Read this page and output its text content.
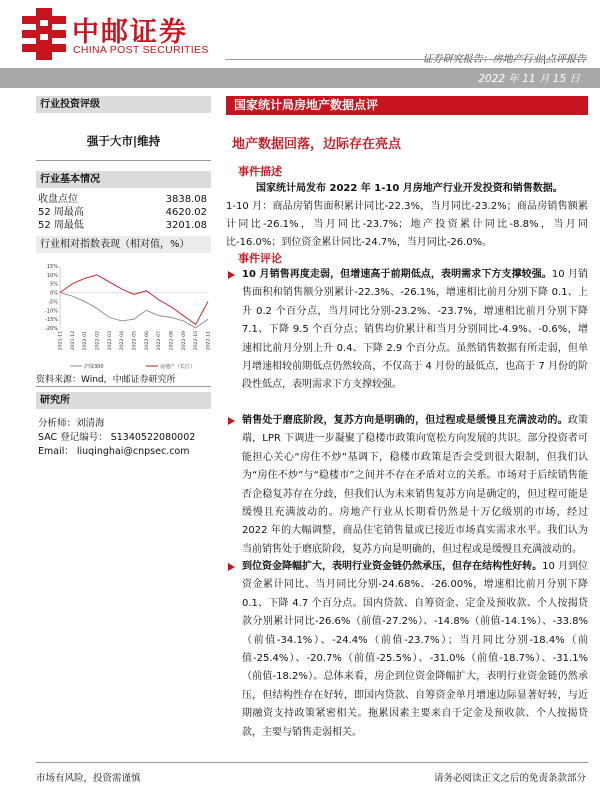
中邮证券
CHINA POST SECURITIES
2022 年 11 月 15 日
行业投资评级
强于大市|维持
行业基本情况
收盘点位	3838.08
52 周最高	4620.02
52 周最低	3201.08
行业相对指数表现（相对值，%）
15%
10%
5%
0%
-5%
-10%
-15%
-20%
2021-11 2021-12 2022-01 2022-02 2022-03 2022-04 2022-05 2022-06 2022-07 2022-08 2022-09 2022-10 2022-11
沪深300	房地产（长江）
资料来源：Wind，中邮证券研究所
研究所
分析师：刘清海
SAC 登记编号： S1340522080002
Email： liuqinghai@cnpsec.com
国家统计局房地产数据点评
地产数据回落，边际存在亮点
事件描述
国家统计局发布 2022 年 1-10 月房地产行业开发投资和销售数据。
1-10 月：商品房销售面积累计同比-22.3%，当月同比-23.2%；商品房销售额累计同比-26.1%，当月同比-23.7%；地产投资累计同比-8.8%，当月同比-16.0%；到位资金累计同比-24.7%，当月同比-26.0%。
事件评论
10 月销售再度走弱，但增速高于前期低点，表明需求下方支撑较强。10 月销售面积和销售额分别累计-22.3%、-26.1%，增速相比前月分别下降 0.1、上升 0.2 个百分点，当月同比分别-23.2%、-23.7%，增速相比前月分别下降 7.1、下降 9.5 个百分点；销售均价累计和当月分别同比-4.9%、-0.6%，增速相比前月分别上升 0.4、下降 2.9 个百分点。虽然销售数据有所走弱，但单月增速相较前期低点仍然较高，不仅高于 4 月份的最低点，也高于 7 月份的阶段性低点，表明需求下方支撑较强。
销售处于磨底阶段，复苏方向是明确的，但过程或是缓慢且充满波动的。政策端，LPR 下调进一步凝聚了稳楼市政策向宽松方向发展的共识。部分投资者可能担心关心“房住不炒”基调下，稳楼市政策是否会受到很大限制，但我们认为“房住不炒”与“稳楼市”之间并不存在矛盾对立的关系。市场对于后续销售能否企稳复苏存在分歧，但我们认为未来销售复苏方向是确定的，但过程可能是缓慢且充满波动的。房地产行业从长期看仍然是十万亿级别的市场，经过 2022 年的大幅调整，商品住宅销售量或已接近市场真实需求水平。我们认为当前销售处于磨底阶段，复苏方向是明确的，但过程或是缓慢且充满波动的。
到位资金降幅扩大，表明行业资金链仍然承压，但存在结构性好转。10 月到位资金累计同比、当月同比分别-24.68%、-26.00%，增速相比前月分别下降 0.1、下降 4.7 个百分点。国内贷款、自筹资金、定金及预收款、个人按揭贷款分别累计同比-26.6%（前值-27.2%）、-14.8%（前值-14.1%）、-33.8%（前值-34.1%）、-24.4%（前值-23.7%）；当月同比分别-18.4%（前值-25.4%）、-20.7%（前值-25.5%）、-31.0%（前值-18.7%）、-31.1%（前值-18.2%）。总体来看，房企到位资金降幅扩大，表明行业资金链仍然承压，但结构性存在好转，即国内贷款、自筹资金单月增速边际显著好转，与近期融资支持政策紧密相关。拖累因素主要来自于定金及预收款、个人按揭贷款，主要与销售走弱相关。
市场有风险，投资需谨慎	请务必阅读正文之后的免责条款部分
